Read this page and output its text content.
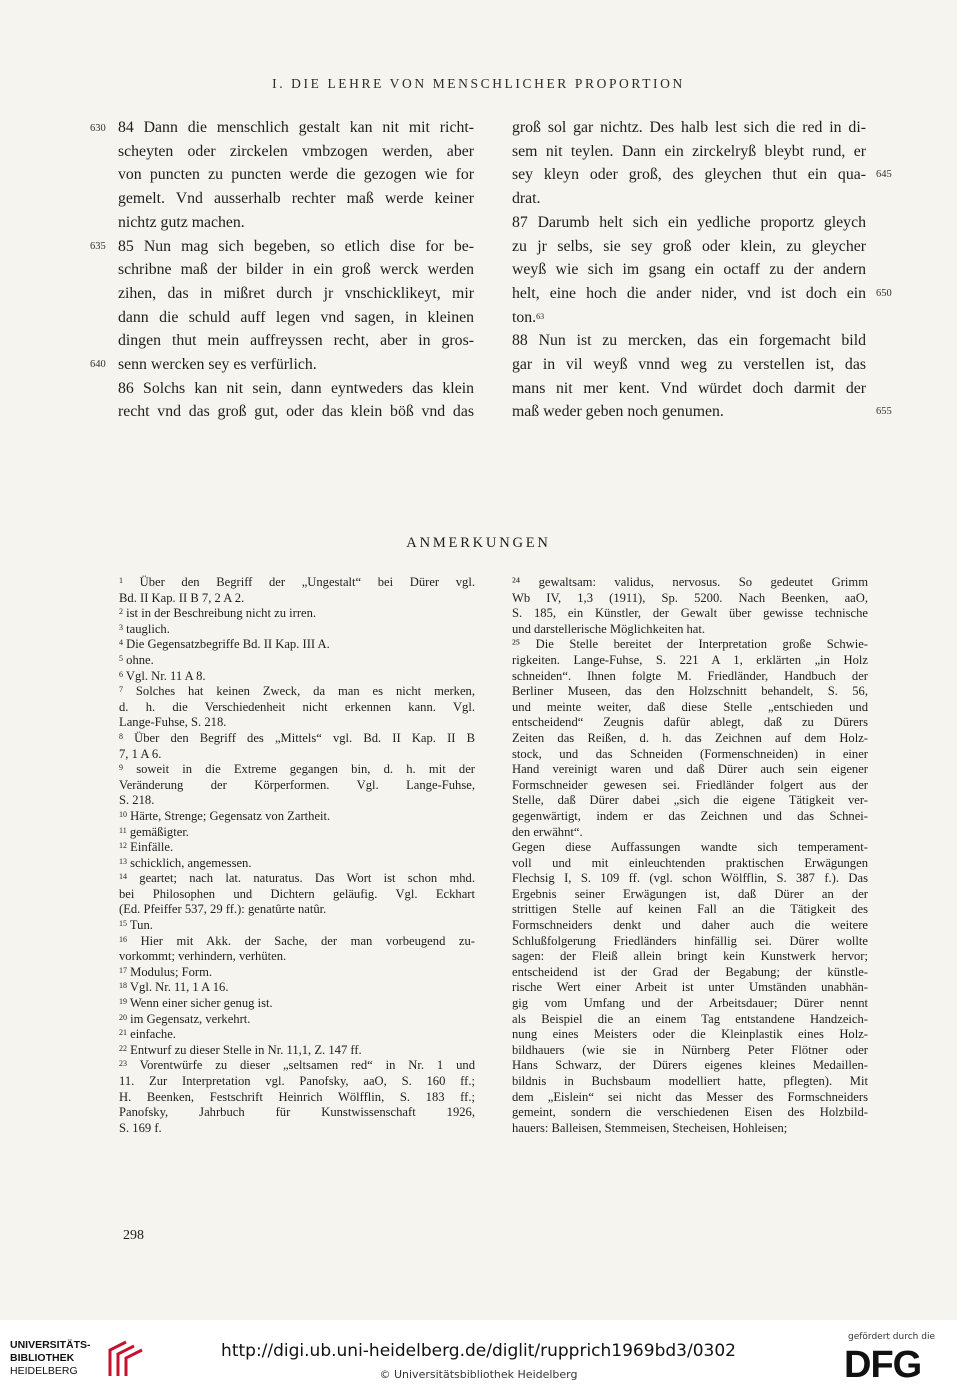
I. DIE LEHRE VON MENSCHLICHER PROPORTION
630
635
640
645
650
655
84 Dann die menschlich gestalt kan nit mit richt-
scheyten oder zirckelen vmbzogen werden, aber
von puncten zu puncten werde die gezogen wie for
gemelt. Vnd ausserhalb rechter maß werde keiner
nichtz gutz machen.
85 Nun mag sich begeben, so etlich dise for be-
schribne maß der bilder in ein groß werck werden
zihen, das in mißret durch jr vnschicklikeyt, mir
dann die schuld auff legen vnd sagen, in kleinen
dingen thut mein auffreyssen recht, aber in gros-
senn wercken sey es verfürlich.
86 Solchs kan nit sein, dann eyntweders das klein
recht vnd das groß gut, oder das klein böß vnd das
groß sol gar nichtz. Des halb lest sich die red in di-
sem nit teylen. Dann ein zirckelryß bleybt rund, er
sey kleyn oder groß, des gleychen thut ein qua-
drat.
87 Darumb helt sich ein yedliche proportz gleych
zu jr selbs, sie sey groß oder klein, zu gleycher
weyß wie sich im gsang ein octaff zu der andern
helt, eine hoch die ander nider, vnd ist doch ein
ton.$^{63}$
88 Nun ist zu mercken, das ein forgemacht bild
gar in vil weyß vnnd weg zu verstellen ist, das
mans nit mer kent. Vnd würdet doch darmit der
maß weder geben noch genumen.
ANMERKUNGEN
$^1$ Über den Begriff der „Ungestalt“ bei Dürer vgl.
Bd. II Kap. II B 7, 2 A 2.
$^2$ ist in der Beschreibung nicht zu irren.
$^3$ tauglich.
$^4$ Die Gegensatzbegriffe Bd. II Kap. III A.
$^5$ ohne.
$^6$ Vgl. Nr. 11 A 8.
$^7$ Solches hat keinen Zweck, da man es nicht merken,
d. h. die Verschiedenheit nicht erkennen kann. Vgl.
Lange-Fuhse, S. 218.
$^8$ Über den Begriff des „Mittels“ vgl. Bd. II Kap. II B
7, 1 A 6.
$^9$ soweit in die Extreme gegangen bin, d. h. mit der
Veränderung der Körperformen. Vgl. Lange-Fuhse,
S. 218.
$^{10}$ Härte, Strenge; Gegensatz von Zartheit.
$^{11}$ gemäßigter.
$^{12}$ Einfälle.
$^{13}$ schicklich, angemessen.
$^{14}$ geartet; nach lat. naturatus. Das Wort ist schon mhd.
bei Philosophen und Dichtern geläufig. Vgl. Eckhart
(Ed. Pfeiffer 537, 29 ff.): genatûrte natûr.
$^{15}$ Tun.
$^{16}$ Hier mit Akk. der Sache, der man vorbeugend zu-
vorkommt; verhindern, verhüten.
$^{17}$ Modulus; Form.
$^{18}$ Vgl. Nr. 11, 1 A 16.
$^{19}$ Wenn einer sicher genug ist.
$^{20}$ im Gegensatz, verkehrt.
$^{21}$ einfache.
$^{22}$ Entwurf zu dieser Stelle in Nr. 11,1, Z. 147 ff.
$^{23}$ Vorentwürfe zu dieser „seltsamen red“ in Nr. 1 und
11. Zur Interpretation vgl. Panofsky, aaO, S. 160 ff.;
H. Beenken, Festschrift Heinrich Wölfflin, S. 183 ff.;
Panofsky, Jahrbuch für Kunstwissenschaft 1926,
S. 169 f.
²⁴ gewaltsam: validus, nervosus. So gedeutet Grimm
Wb IV, 1,3 (1911), Sp. 5200. Nach Beenken, aaO,
S. 185, ein Künstler, der Gewalt über gewisse technische
und darstellerische Möglichkeiten hat.
²⁵ Die Stelle bereitet der Interpretation große Schwie-
rigkeiten. Lange-Fuhse, S. 221 A 1, erklärten „in Holz
schneiden“. Ihnen folgte M. Friedländer, Handbuch der
Berliner Museen, das den Holzschnitt behandelt, S. 56,
und meinte weiter, daß diese Stelle „entschieden und
entscheidend“ Zeugnis dafür ablegt, daß zu Dürers
Zeiten das Reißen, d. h. das Zeichnen auf dem Holz-
stock, und das Schneiden (Formenschneiden) in einer
Hand vereinigt waren und daß Dürer auch sein eigener
Formschneider gewesen sei. Friedländer folgert aus der
Stelle, daß Dürer dabei „sich die eigene Tätigkeit ver-
gegenwärtigt, indem er das Zeichnen und das Schnei-
den erwähnt“.
Gegen diese Auffassungen wandte sich temperament-
voll und mit einleuchtenden praktischen Erwägungen
Flechsig I, S. 109 ff. (vgl. schon Wölfflin, S. 387 f.). Das
Ergebnis seiner Erwägungen ist, daß Dürer an der
strittigen Stelle auf keinen Fall an die Tätigkeit des
Formschneiders denkt und daher auch die weitere
Schlußfolgerung Friedländers hinfällig sei. Dürer wollte
sagen: der Fleiß allein bringt kein Kunstwerk hervor;
entscheidend ist der Grad der Begabung; der künstle-
rische Wert einer Arbeit ist unter Umständen unabhän-
gig vom Umfang und der Arbeitsdauer; Dürer nennt
als Beispiel die an einem Tag entstandene Handzeich-
nung eines Meisters oder die Kleinplastik eines Holz-
bildhauers (wie sie in Nürnberg Peter Flötner oder
Hans Schwarz, der Dürers eigenes kleines Medaillen-
bildnis in Buchsbaum modelliert hatte, pflegten). Mit
dem „Eislein“ sei nicht das Messer des Formschneiders
gemeint, sondern die verschiedenen Eisen des Holzbild-
hauers: Balleisen, Stemmeisen, Stecheisen, Hohleisen;
298
UNIVERSITÄTS-
BIBLIOTHEK
HEIDELBERG
http://digi.ub.uni-heidelberg.de/diglit/rupprich1969bd3/0302
© Universitätsbibliothek Heidelberg
gefördert durch die
DFG
